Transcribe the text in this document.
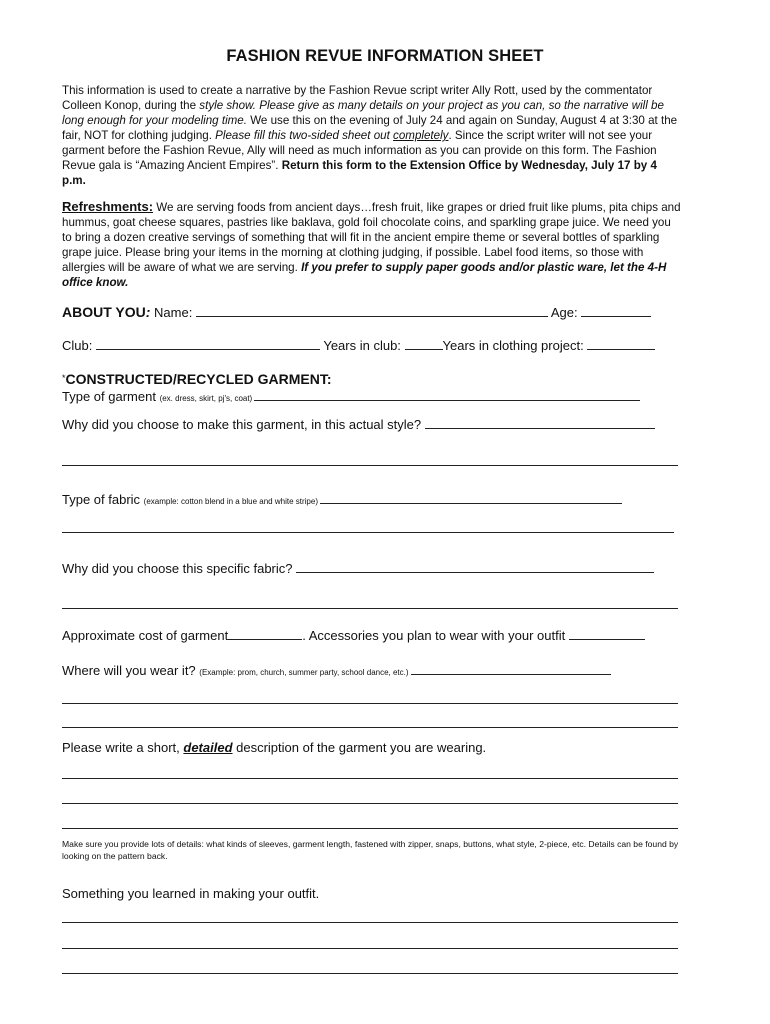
FASHION REVUE INFORMATION SHEET
This information is used to create a narrative by the Fashion Revue script writer Ally Rott, used by the commentator Colleen Konop, during the style show. Please give as many details on your project as you can, so the narrative will be long enough for your modeling time. We use this on the evening of July 24 and again on Sunday, August 4 at 3:30 at the fair, NOT for clothing judging. Please fill this two-sided sheet out completely. Since the script writer will not see your garment before the Fashion Revue, Ally will need as much information as you can provide on this form. The Fashion Revue gala is “Amazing Ancient Empires”. Return this form to the Extension Office by Wednesday, July 17 by 4 p.m.
Refreshments: We are serving foods from ancient days…fresh fruit, like grapes or dried fruit like plums, pita chips and hummus, goat cheese squares, pastries like baklava, gold foil chocolate coins, and sparkling grape juice. We need you to bring a dozen creative servings of something that will fit in the ancient empire theme or several bottles of sparkling grape juice. Please bring your items in the morning at clothing judging, if possible. Label food items, so those with allergies will be aware of what we are serving. If you prefer to supply paper goods and/or plastic ware, let the 4-H office know.
ABOUT YOU: Name:	Age:
Club:	Years in club:	Years in clothing project:
*CONSTRUCTED/RECYCLED GARMENT:
Type of garment (ex. dress, skirt, pj's, coat)
Why did you choose to make this garment, in this actual style?
Type of fabric (example: cotton blend in a blue and white stripe)
Why did you choose this specific fabric?
Approximate cost of garment	. Accessories you plan to wear with your outfit
Where will you wear it? (Example: prom, church, summer party, school dance, etc.)
Please write a short, detailed description of the garment you are wearing.
Make sure you provide lots of details: what kinds of sleeves, garment length, fastened with zipper, snaps, buttons, what style, 2-piece, etc. Details can be found by looking on the pattern back.
Something you learned in making your outfit.
